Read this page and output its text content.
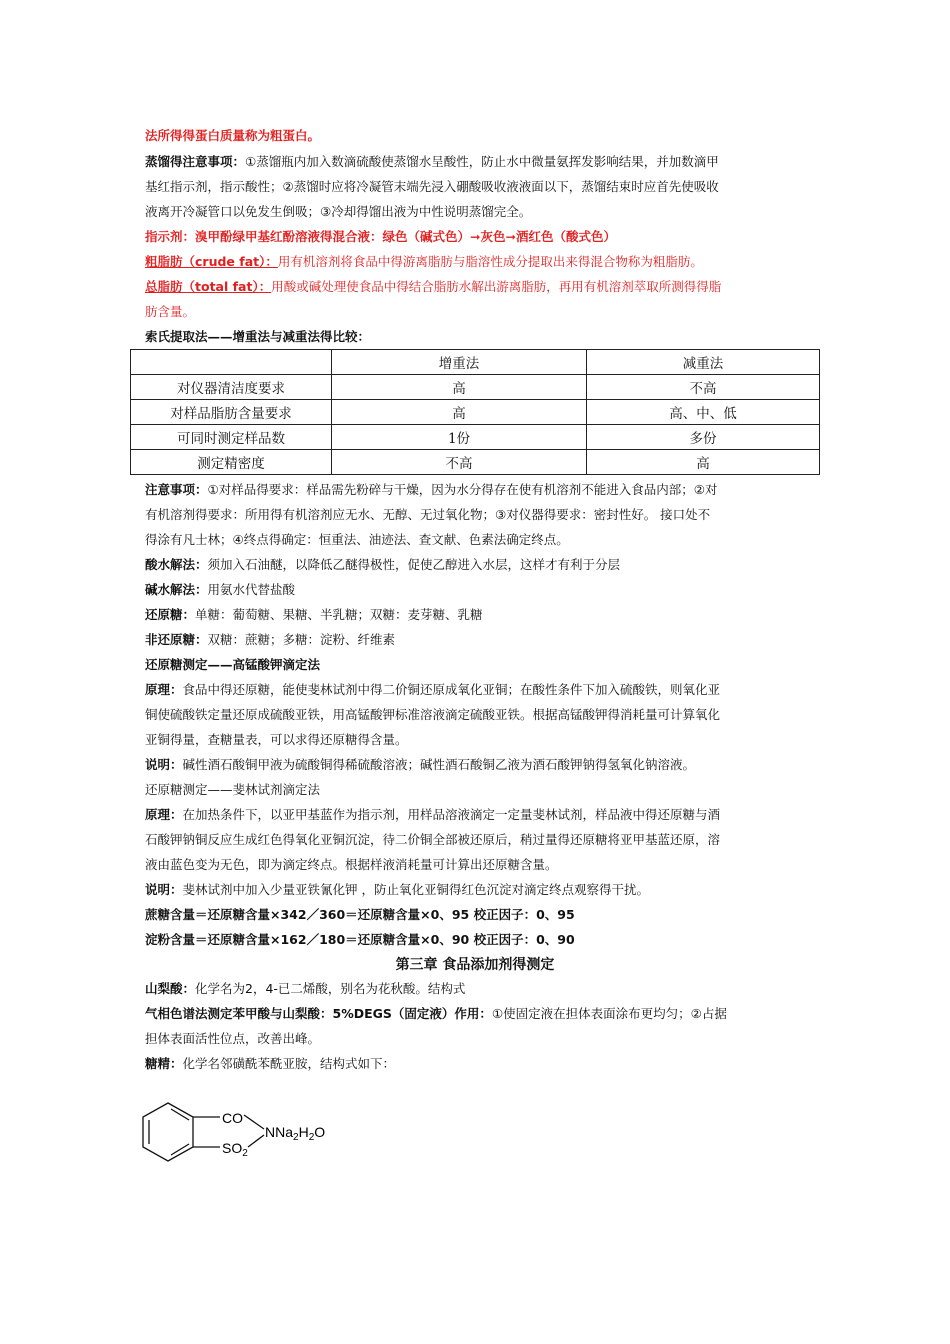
法所得得蛋白质量称为粗蛋白。
蒸馏得注意事项：①蒸馏瓶内加入数滴硫酸使蒸馏水呈酸性，防止水中微量氨挥发影响结果，并加数滴甲
基红指示剂，指示酸性；②蒸馏时应将冷凝管末端先浸入硼酸吸收液液面以下，蒸馏结束时应首先使吸收
液离开冷凝管口以免发生倒吸；③冷却得馏出液为中性说明蒸馏完全。
指示剂：溴甲酚绿甲基红酚溶液得混合液：绿色（碱式色）➞灰色➞酒红色（酸式色）
粗脂肪（crude fat）：用有机溶剂将食品中得游离脂肪与脂溶性成分提取出来得混合物称为粗脂肪。
总脂肪（total fat）：用酸或碱处理使食品中得结合脂肪水解出游离脂肪，再用有机溶剂萃取所测得得脂
肪含量。
索氏提取法——增重法与减重法得比较：
	增重法	减重法
对仪器清洁度要求	高	不高
对样品脂肪含量要求	高	高、中、低
可同时测定样品数	1份	多份
测定精密度	不高	高
注意事项：①对样品得要求：样品需先粉碎与干燥，因为水分得存在使有机溶剂不能进入食品内部；②对
有机溶剂得要求：所用得有机溶剂应无水、无醇、无过氧化物；③对仪器得要求：密封性好。 接口处不
得涂有凡士林；④终点得确定：恒重法、油迹法、查文献、色素法确定终点。
酸水解法：须加入石油醚，以降低乙醚得极性，促使乙醇进入水层，这样才有利于分层
碱水解法：用氨水代替盐酸
还原糖：单糖：葡萄糖、果糖、半乳糖；双糖：麦芽糖、乳糖
非还原糖：双糖：蔗糖；多糖：淀粉、纤维素
还原糖测定——高锰酸钾滴定法
原理：食品中得还原糖，能使斐林试剂中得二价铜还原成氧化亚铜；在酸性条件下加入硫酸铁，则氧化亚
铜使硫酸铁定量还原成硫酸亚铁，用高锰酸钾标准溶液滴定硫酸亚铁。根据高锰酸钾得消耗量可计算氧化
亚铜得量，查糖量表，可以求得还原糖得含量。
说明：碱性酒石酸铜甲液为硫酸铜得稀硫酸溶液；碱性酒石酸铜乙液为酒石酸钾钠得氢氧化钠溶液。
还原糖测定——斐林试剂滴定法
原理：在加热条件下，以亚甲基蓝作为指示剂，用样品溶液滴定一定量斐林试剂，样品液中得还原糖与酒
石酸钾钠铜反应生成红色得氧化亚铜沉淀，待二价铜全部被还原后，稍过量得还原糖将亚甲基蓝还原，溶
液由蓝色变为无色，即为滴定终点。根据样液消耗量可计算出还原糖含量。
说明：斐林试剂中加入少量亚铁氰化钾 ，防止氧化亚铜得红色沉淀对滴定终点观察得干扰。
蔗糖含量＝还原糖含量×342／360＝还原糖含量×0、95 校正因子：0、95
淀粉含量＝还原糖含量×162／180＝还原糖含量×0、90 校正因子：0、90
第三章 食品添加剂得测定
山梨酸：化学名为2，4-已二烯酸，别名为花秋酸。结构式
气相色谱法测定苯甲酸与山梨酸：5%DEGS（固定液）作用：①使固定液在担体表面涂布更均匀；②占据
担体表面活性位点，改善出峰。
糖精：化学名邻磺酰苯酰亚胺，结构式如下：
CO
$SO_2$
$NNa_2H_2O$
